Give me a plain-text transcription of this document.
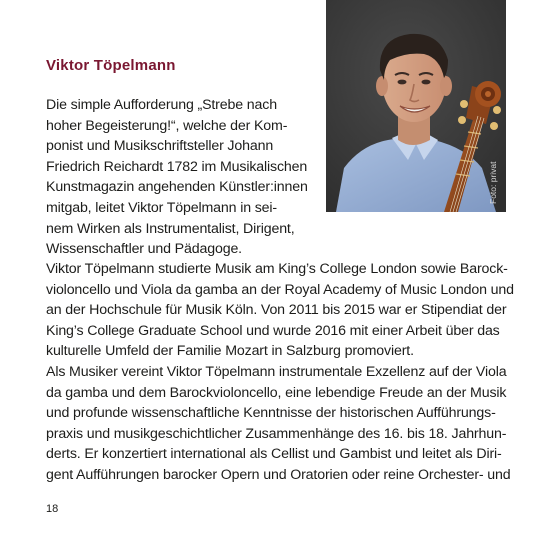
Viktor Töpelmann
Die simple Aufforderung „Strebe nach
hoher Begeisterung!“, welche der Kom-
ponist und Musikschriftsteller Johann
Friedrich Reichardt 1782 im Musikalischen
Kunstmagazin angehenden Künstler:innen
mitgab, leitet Viktor Töpelmann in sei-
nem Wirken als Instrumentalist, Dirigent,
Wissenschaftler und Pädagoge.
Viktor Töpelmann studierte Musik am King’s College London sowie Barock-
violoncello und Viola da gamba an der Royal Academy of Music London und
an der Hochschule für Musik Köln. Von 2011 bis 2015 war er Stipendiat der
King’s College Graduate School und wurde 2016 mit einer Arbeit über das
kulturelle Umfeld der Familie Mozart in Salzburg promoviert.
Als Musiker vereint Viktor Töpelmann instrumentale Exzellenz auf der Viola
da gamba und dem Barockvioloncello, eine lebendige Freude an der Musik
und profunde wissenschaftliche Kenntnisse der historischen Aufführungs-
praxis und musikgeschichtlicher Zusammenhänge des 16. bis 18. Jahrhun-
derts. Er konzertiert international als Cellist und Gambist und leitet als Diri-
gent Aufführungen barocker Opern und Oratorien oder reine Orchester- und
Foto: privat
18
